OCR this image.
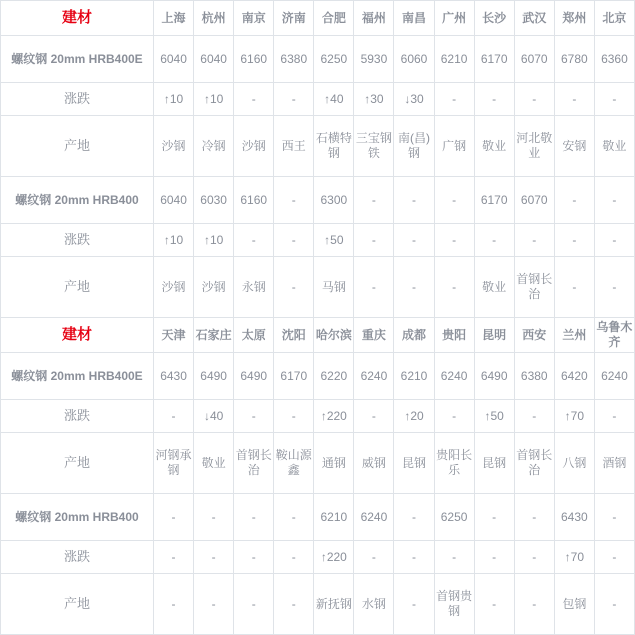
建材	上海	杭州	南京	济南	合肥	福州	南昌	广州	长沙	武汉	郑州	北京
螺纹钢 20mm HRB400E	6040	6040	6160	6380	6250	5930	6060	6210	6170	6070	6780	6360
涨跌	↑10	↑10	-	-	↑40	↑30	↓30	-	-	-	-	-
产地	沙钢	冷钢	沙钢	西王	石横特钢	三宝钢铁	南(昌)钢	广钢	敬业	河北敬业	安钢	敬业
螺纹钢 20mm HRB400	6040	6030	6160	-	6300	-	-	-	6170	6070	-	-
涨跌	↑10	↑10	-	-	↑50	-	-	-	-	-	-	-
产地	沙钢	沙钢	永钢	-	马钢	-	-	-	敬业	首钢长治	-	-
建材	天津	石家庄	太原	沈阳	哈尔滨	重庆	成都	贵阳	昆明	西安	兰州	乌鲁木齐
螺纹钢 20mm HRB400E	6430	6490	6490	6170	6220	6240	6210	6240	6490	6380	6420	6240
涨跌	-	↓40	-	-	↑220	-	↑20	-	↑50	-	↑70	-
产地	河钢承钢	敬业	首钢长治	鞍山源鑫	通钢	威钢	昆钢	贵阳长乐	昆钢	首钢长治	八钢	酒钢
螺纹钢 20mm HRB400	-	-	-	-	6210	6240	-	6250	-	-	6430	-
涨跌	-	-	-	-	↑220	-	-	-	-	-	↑70	-
产地	-	-	-	-	新抚钢	水钢	-	首钢贵钢	-	-	包钢	-
